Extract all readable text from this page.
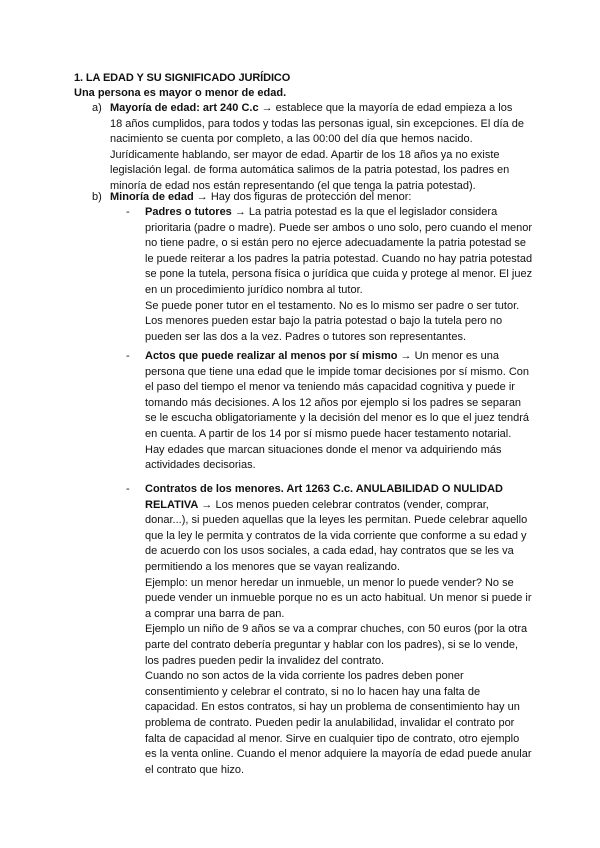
1. LA EDAD Y SU SIGNIFICADO JURÍDICO
Una persona es mayor o menor de edad.
a) Mayoría de edad: art 240 C.c → establece que la mayoría de edad empieza a los 18 años cumplidos, para todos y todas las personas igual, sin excepciones. El día de nacimiento se cuenta por completo, a las 00:00 del día que hemos nacido. Jurídicamente hablando, ser mayor de edad. Apartir de los 18 años ya no existe legislación legal. de forma automática salimos de la patria potestad, los padres en minoría de edad nos están representando (el que tenga la patria potestad).

b) Minoría de edad → Hay dos figuras de protección del menor:

- Padres o tutores → La patria potestad es la que el legislador considera prioritaria (padre o madre). Puede ser ambos o uno solo, pero cuando el menor no tiene padre, o si están pero no ejerce adecuadamente la patria potestad se le puede reiterar a los padres la patria potestad. Cuando no hay patria potestad se pone la tutela, persona física o jurídica que cuida y protege al menor. El juez en un procedimiento jurídico nombra al tutor.

Se puede poner tutor en el testamento. No es lo mismo ser padre o ser tutor. Los menores pueden estar bajo la patria potestad o bajo la tutela pero no pueden ser las dos a la vez. Padres o tutores son representantes.

- Actos que puede realizar al menos por sí mismo → Un menor es una persona que tiene una edad que le impide tomar decisiones por sí mismo. Con el paso del tiempo el menor va teniendo más capacidad cognitiva y puede ir tomando más decisiones. A los 12 años por ejemplo si los padres se separan se le escucha obligatoriamente y la decisión del menor es lo que el juez tendrá en cuenta. A partir de los 14 por sí mismo puede hacer testamento notarial. Hay edades que marcan situaciones donde el menor va adquiriendo más actividades decisorias.

- Contratos de los menores. Art 1263 C.c. ANULABILIDAD O NULIDAD RELATIVA → Los menos pueden celebrar contratos (vender, comprar, donar...), si pueden aquellas que la leyes les permitan. Puede celebrar aquello que la ley le permita y contratos de la vida corriente que conforme a su edad y de acuerdo con los usos sociales, a cada edad, hay contratos que se les va permitiendo a los menores que se vayan realizando.

Ejemplo: un menor heredar un inmueble, un menor lo puede vender? No se puede vender un inmueble porque no es un acto habitual. Un menor si puede ir a comprar una barra de pan.

Ejemplo un niño de 9 años se va a comprar chuches, con 50 euros (por la otra parte del contrato debería preguntar y hablar con los padres), si se lo vende, los padres pueden pedir la invalidez del contrato.

Cuando no son actos de la vida corriente los padres deben poner consentimiento y celebrar el contrato, si no lo hacen hay una falta de capacidad. En estos contratos, si hay un problema de consentimiento hay un problema de contrato. Pueden pedir la anulabilidad, invalidar el contrato por falta de capacidad al menor. Sirve en cualquier tipo de contrato, otro ejemplo es la venta online. Cuando el menor adquiere la mayoría de edad puede anular el contrato que hizo.
